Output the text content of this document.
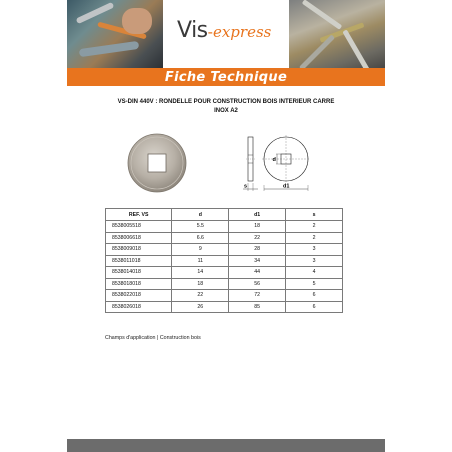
Vis-express
Fiche Technique
VS-DIN 440V : RONDELLE POUR CONSTRUCTION BOIS INTERIEUR CARRE
INOX A2
d
d1
s
REF. VS	d	d1	s
8538005518	5.5	18	2
8538006618	6.6	22	2
8538009018	9	28	3
8538011018	11	34	3
8538014018	14	44	4
8538018018	18	56	5
8538022018	22	72	6
8538026018	26	85	6
Champs d'application | Construction bois
